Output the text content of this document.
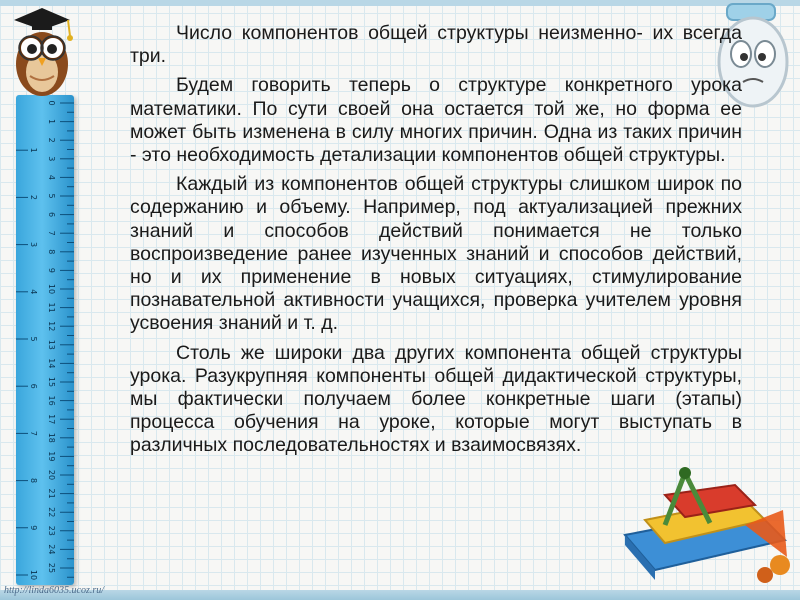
0
1
2
3
4
5
6
7
8
9
10
11
12
13
14
15
16
17
18
19
20
21
22
23
24
25
1
2
3
4
5
6
7
8
9
10

Число компонентов общей структуры неизменно- их всегда три.

Будем говорить теперь о структуре конкретного урока математики. По сути своей она остается той же, но форма ее может быть изменена в силу многих причин. Одна из таких причин - это необходимость детализации компонентов общей структуры.

Каждый из компонентов общей структуры слишком широк по содержанию и объему. Например, под актуализацией прежних знаний и способов действий понимается не только воспроизведение ранее изученных знаний и способов действий, но и их применение в новых ситуациях, стимулирование познавательной активности учащихся, проверка учителем уровня усвоения знаний и т. д.

Столь же широки два других компонента общей структуры урока. Разукрупняя компоненты общей дидактической структуры, мы фактически получаем более конкретные шаги (этапы) процесса обучения на уроке, которые могут выступать в различных последовательностях и взаимосвязях.

http://linda6035.ucoz.ru/
